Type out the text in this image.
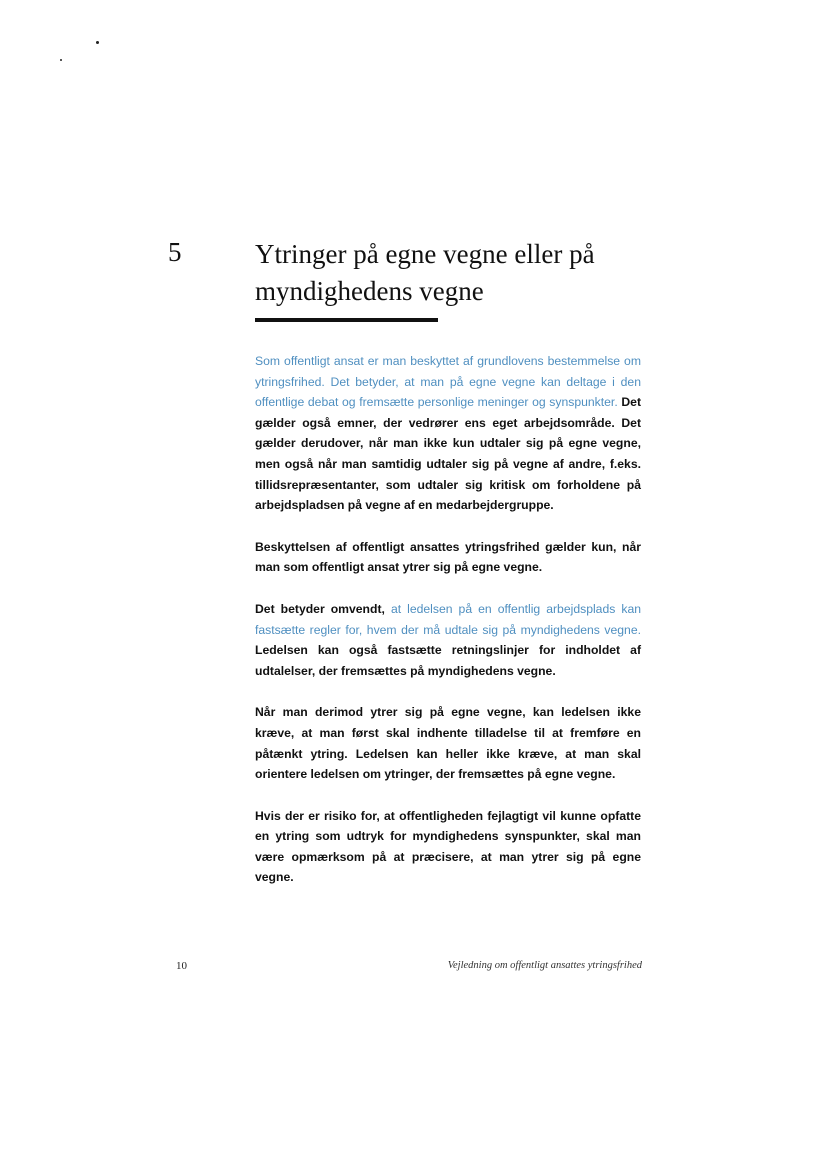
5	Ytringer på egne vegne eller på
myndighedens vegne

Som offentligt ansat er man beskyttet af grundlovens bestemmelse om ytringsfrihed. Det betyder, at man på egne vegne kan deltage i den offentlige debat og fremsætte personlige meninger og synspunkter. Det gælder også emner, der vedrører ens eget arbejdsområde. Det gælder derudover, når man ikke kun udtaler sig på egne vegne, men også når man samtidig udtaler sig på vegne af andre, f.eks. tillidsrepræsentanter, som udtaler sig kritisk om forholdene på arbejdspladsen på vegne af en medarbejdergruppe.

Beskyttelsen af offentligt ansattes ytringsfrihed gælder kun, når man som offentligt ansat ytrer sig på egne vegne.

Det betyder omvendt, at ledelsen på en offentlig arbejdsplads kan fastsætte regler for, hvem der må udtale sig på myndighedens vegne. Ledelsen kan også fastsætte retningslinjer for indholdet af udtalelser, der fremsættes på myndighedens vegne.

Når man derimod ytrer sig på egne vegne, kan ledelsen ikke kræve, at man først skal indhente tilladelse til at fremføre en påtænkt ytring. Ledelsen kan heller ikke kræve, at man skal orientere ledelsen om ytringer, der fremsættes på egne vegne.

Hvis der er risiko for, at offentligheden fejlagtigt vil kunne opfatte en ytring som udtryk for myndighedens synspunkter, skal man være opmærksom på at præcisere, at man ytrer sig på egne vegne.

10	Vejledning om offentligt ansattes ytringsfrihed
